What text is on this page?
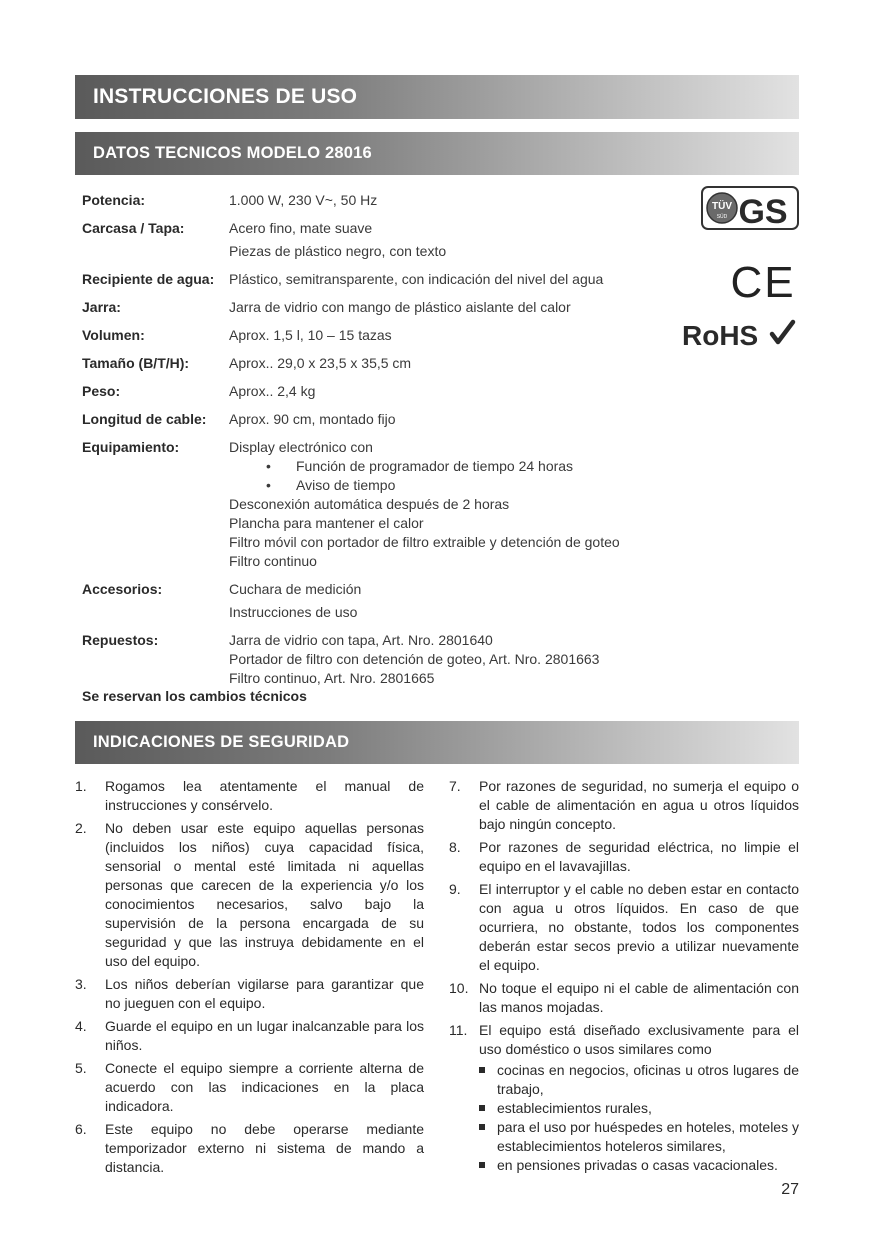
INSTRUCCIONES DE USO
DATOS TECNICOS MODELO 28016
Potencia:	1.000 W, 230 V~, 50 Hz
Carcasa / Tapa:	Acero fino, mate suave
Piezas de plástico negro, con texto
Recipiente de agua:	Plástico, semitransparente, con indicación del nivel del agua
Jarra:	Jarra de vidrio con mango de plástico aislante del calor
Volumen:	Aprox. 1,5 l, 10 – 15 tazas
Tamaño (B/T/H):	Aprox.. 29,0 x 23,5 x 35,5 cm
Peso:	Aprox.. 2,4 kg
Longitud de cable:	Aprox. 90 cm, montado fijo
Equipamiento:	Display electrónico con
• Función de programador de tiempo 24 horas
• Aviso de tiempo
Desconexión automática después de 2 horas
Plancha para mantener el calor
Filtro móvil con portador de filtro extraible y detención de goteo
Filtro continuo
Accesorios:	Cuchara de medición
Instrucciones de uso
Repuestos:	Jarra de vidrio con tapa, Art. Nro. 2801640
Portador de filtro con detención de goteo, Art. Nro. 2801663
Filtro continuo, Art. Nro. 2801665
Se reservan los cambios técnicos
TÜV
SÜD GS
CE
RoHS
INDICACIONES DE SEGURIDAD
1.	Rogamos lea atentamente el manual de instrucciones y consérvelo.
2.	No deben usar este equipo aquellas personas (incluidos los niños) cuya capacidad física, sensorial o mental esté limitada ni aquellas personas que carecen de la experiencia y/o los conocimientos necesarios, salvo bajo la supervisión de la persona encargada de su seguridad y que las instruya debidamente en el uso del equipo.
3.	Los niños deberían vigilarse para garantizar que no jueguen con el equipo.
4.	Guarde el equipo en un lugar inalcanzable para los niños.
5.	Conecte el equipo siempre a corriente alterna de acuerdo con las indicaciones en la placa indicadora.
6.	Este equipo no debe operarse mediante temporizador externo ni sistema de mando a distancia.
7.	Por razones de seguridad, no sumerja el equipo o el cable de alimentación en agua u otros líquidos bajo ningún concepto.
8.	Por razones de seguridad eléctrica, no limpie el equipo en el lavavajillas.
9.	El interruptor y el cable no deben estar en contacto con agua u otros líquidos. En caso de que ocurriera, no obstante, todos los componentes deberán estar secos previo a utilizar nuevamente el equipo.
10. No toque el equipo ni el cable de alimentación con las manos mojadas.
11. El equipo está diseñado exclusivamente para el uso doméstico o usos similares como
cocinas en negocios, oficinas u otros lugares de trabajo,
establecimientos rurales,
para el uso por huéspedes en hoteles, moteles y establecimientos hoteleros similares,
en pensiones privadas o casas vacacionales.
27
